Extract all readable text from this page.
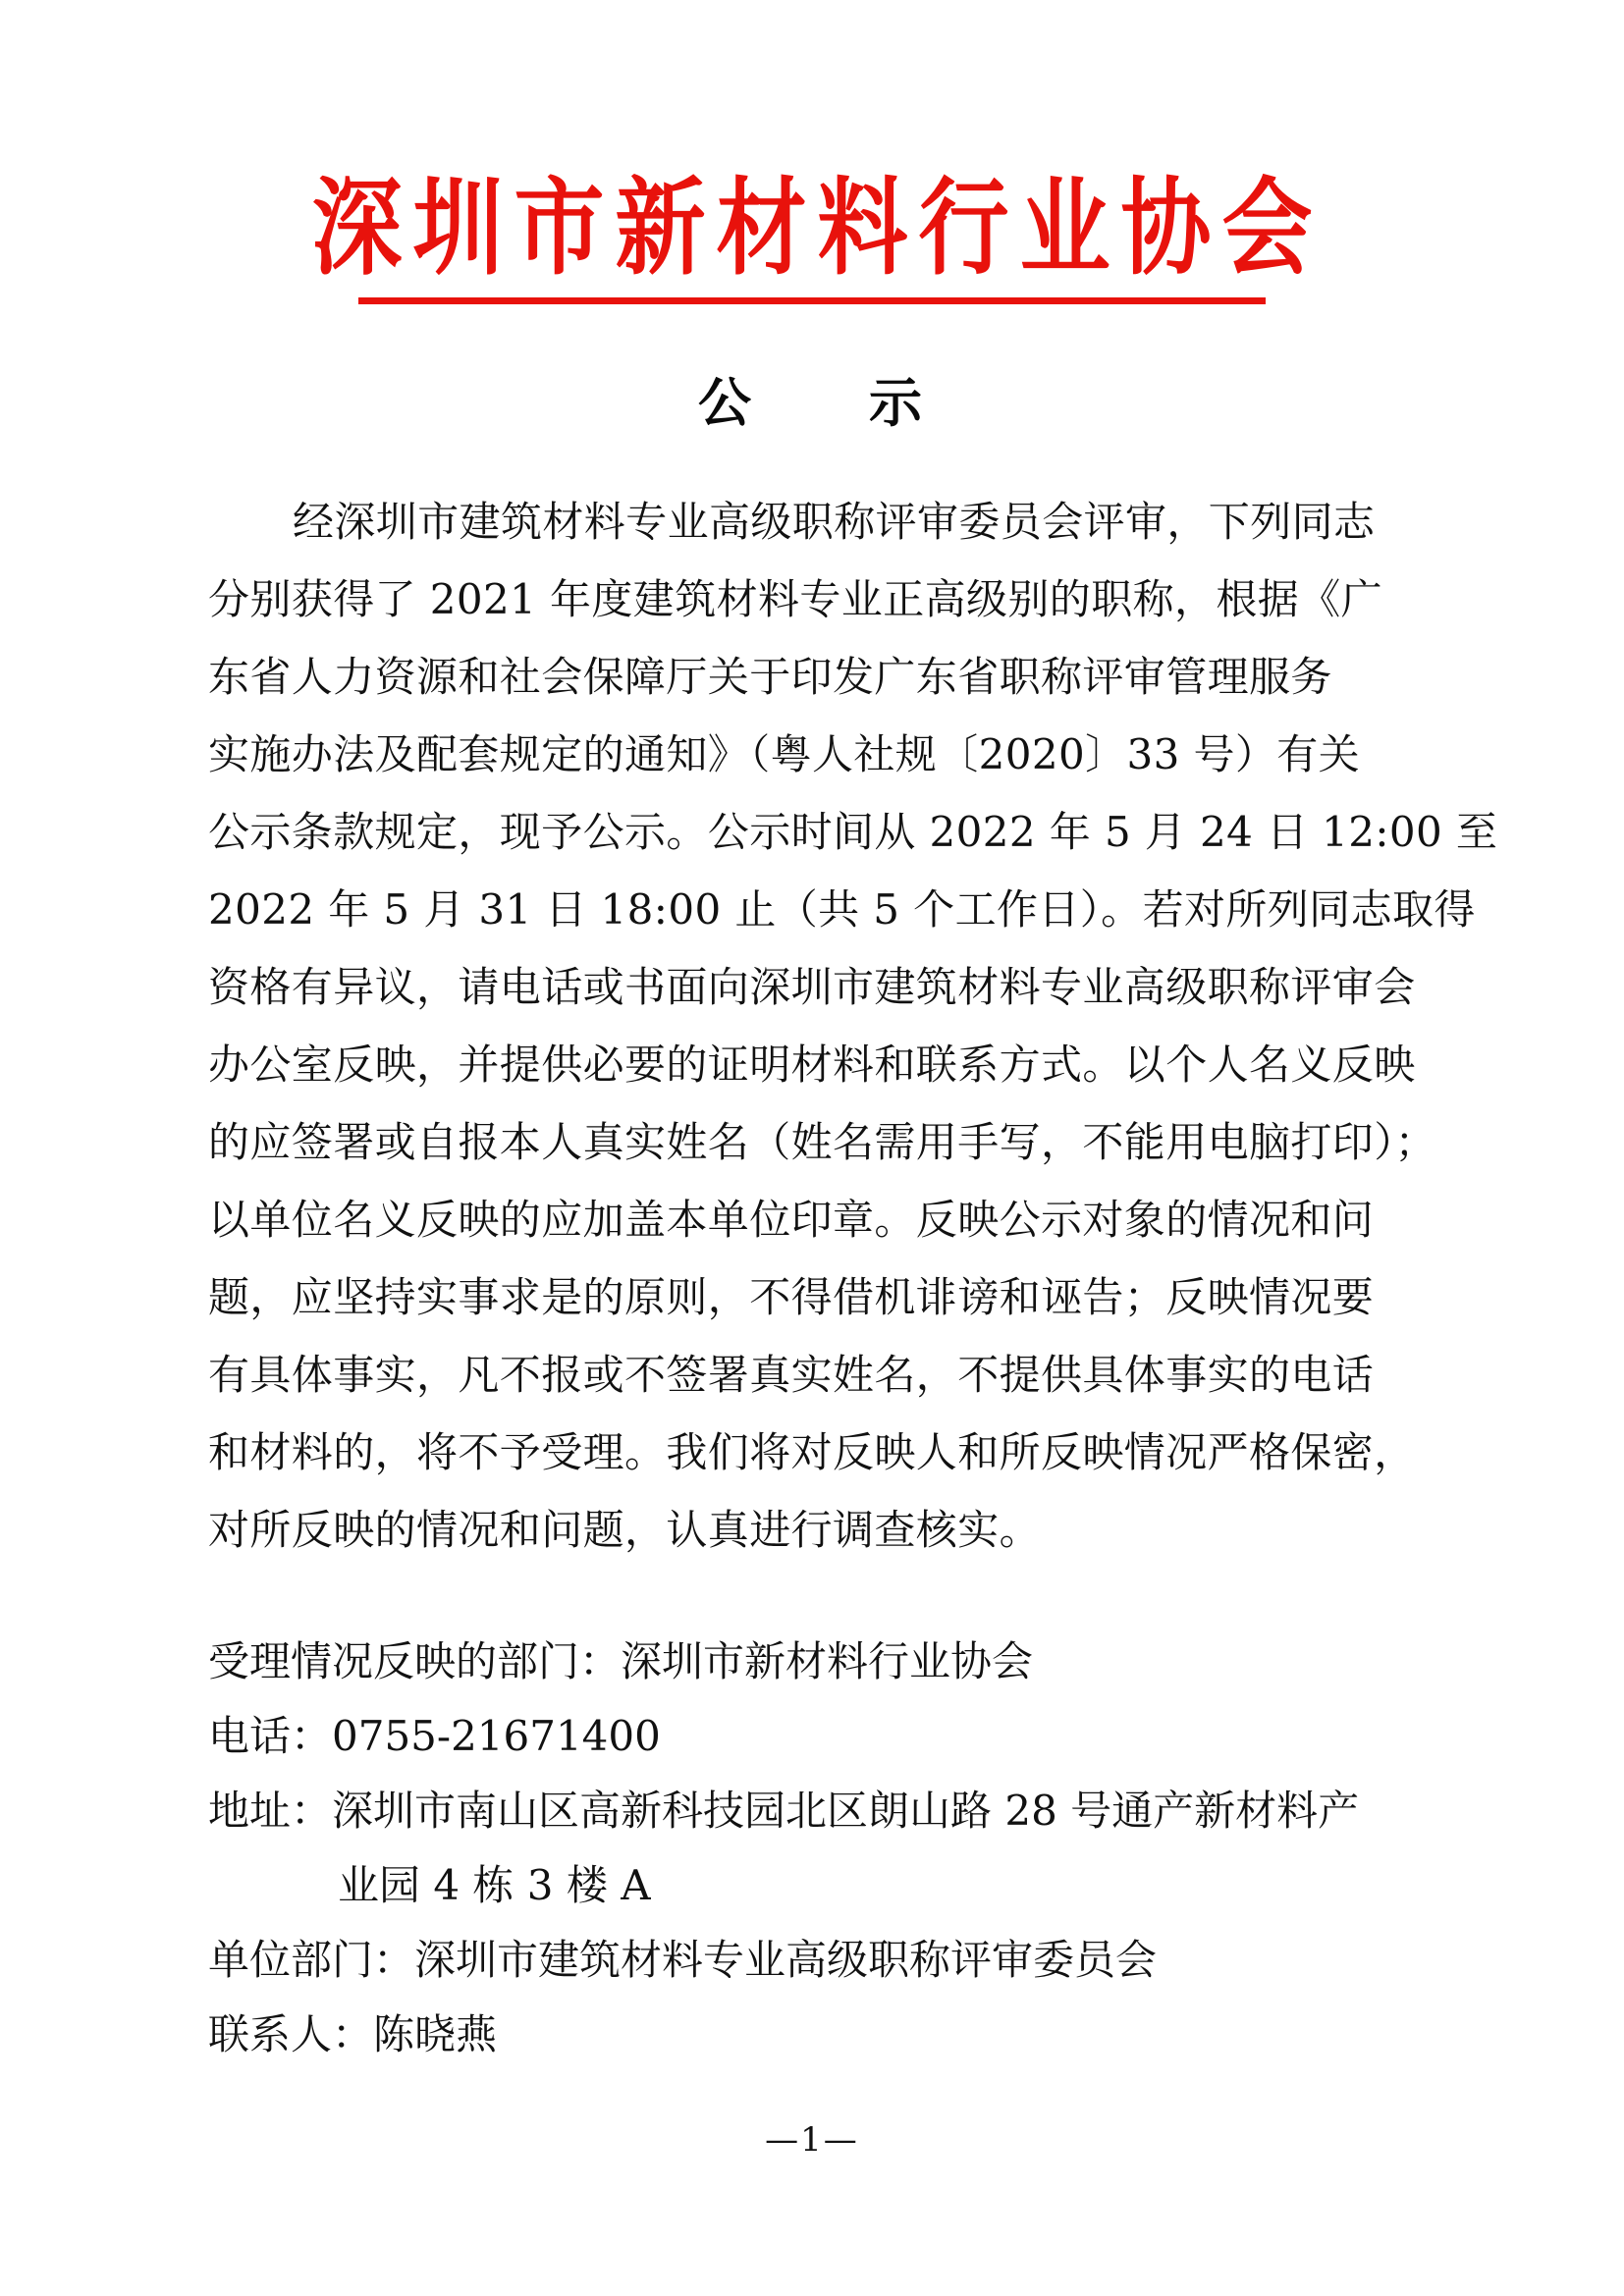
深圳市新材料行业协会
公　　示
经深圳市建筑材料专业高级职称评审委员会评审，下列同志
分别获得了 2021 年度建筑材料专业正高级别的职称，根据《广
东省人力资源和社会保障厅关于印发广东省职称评审管理服务
实施办法及配套规定的通知》（粤人社规〔2020〕33 号）有关
公示条款规定，现予公示。公示时间从 2022 年 5 月 24 日 12:00 至
2022 年 5 月 31 日 18:00 止（共 5 个工作日）。若对所列同志取得
资格有异议，请电话或书面向深圳市建筑材料专业高级职称评审会
办公室反映，并提供必要的证明材料和联系方式。以个人名义反映
的应签署或自报本人真实姓名（姓名需用手写，不能用电脑打印）；
以单位名义反映的应加盖本单位印章。反映公示对象的情况和问
题，应坚持实事求是的原则，不得借机诽谤和诬告；反映情况要
有具体事实，凡不报或不签署真实姓名，不提供具体事实的电话
和材料的，将不予受理。我们将对反映人和所反映情况严格保密，
对所反映的情况和问题，认真进行调查核实。
受理情况反映的部门：深圳市新材料行业协会
电话：0755-21671400
地址：深圳市南山区高新科技园北区朗山路 28 号通产新材料产
业园 4 栋 3 楼 A
单位部门：深圳市建筑材料专业高级职称评审委员会
联系人：陈晓燕
—1—
